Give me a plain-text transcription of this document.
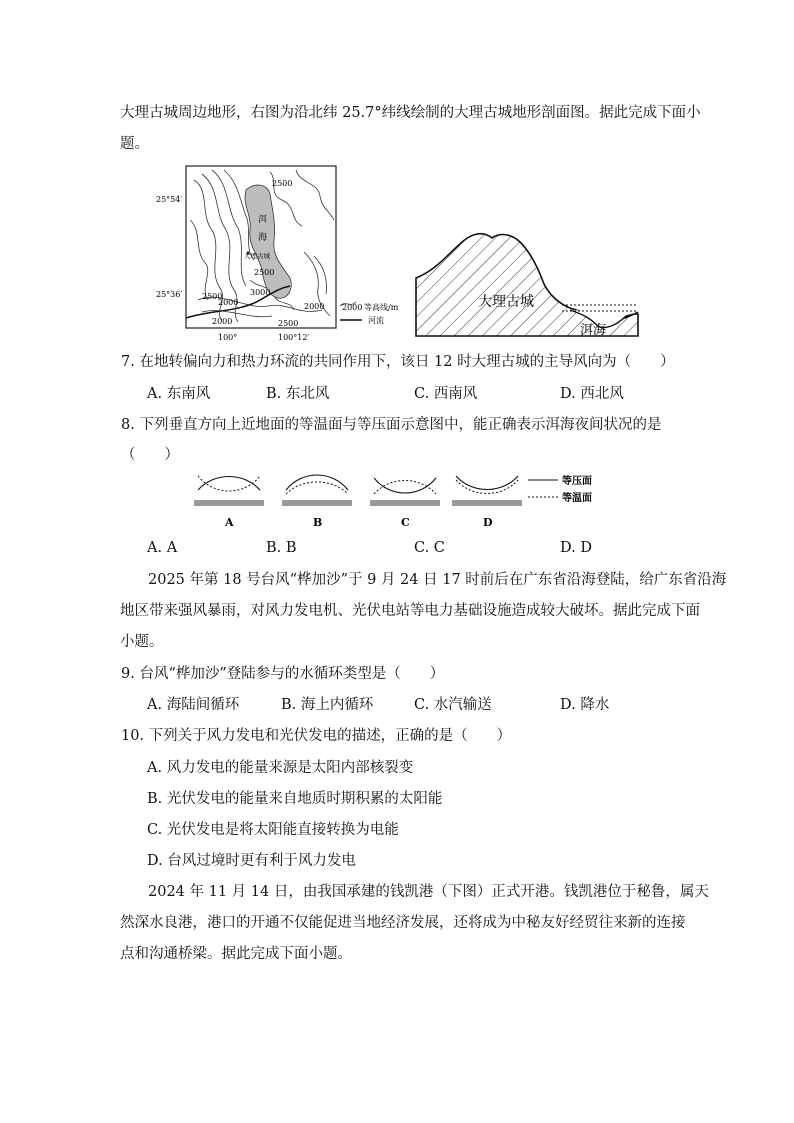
大理古城周边地形，右图为沿北纬 25.7°纬线绘制的大理古城地形剖面图。据此完成下面小
题。
洱
海
大理古城
2500
2500
3000
2500
2000	2000
2000	2500
25°54′
25°36′
100°	100°12′
2000 等高线/m
河流
大理古城
洱海
7. 在地转偏向力和热力环流的共同作用下，该日 12 时大理古城的主导风向为（　　）
A. 东南风	B. 东北风	C. 西南风	D. 西北风
8. 下列垂直方向上近地面的等温面与等压面示意图中，能正确表示洱海夜间状况的是
（　　）
A	B	C	D
等压面
等温面
A. A	B. B	C. C	D. D
2025 年第 18 号台风“桦加沙”于 9 月 24 日 17 时前后在广东省沿海登陆，给广东省沿海
地区带来强风暴雨，对风力发电机、光伏电站等电力基础设施造成较大破坏。据此完成下面
小题。
9. 台风“桦加沙”登陆参与的水循环类型是（　　）
A. 海陆间循环	B. 海上内循环	C. 水汽输送	D. 降水
10. 下列关于风力发电和光伏发电的描述，正确的是（　　）
A. 风力发电的能量来源是太阳内部核裂变
B. 光伏发电的能量来自地质时期积累的太阳能
C. 光伏发电是将太阳能直接转换为电能
D. 台风过境时更有利于风力发电
2024 年 11 月 14 日，由我国承建的钱凯港（下图）正式开港。钱凯港位于秘鲁，属天
然深水良港，港口的开通不仅能促进当地经济发展，还将成为中秘友好经贸往来新的连接
点和沟通桥梁。据此完成下面小题。
